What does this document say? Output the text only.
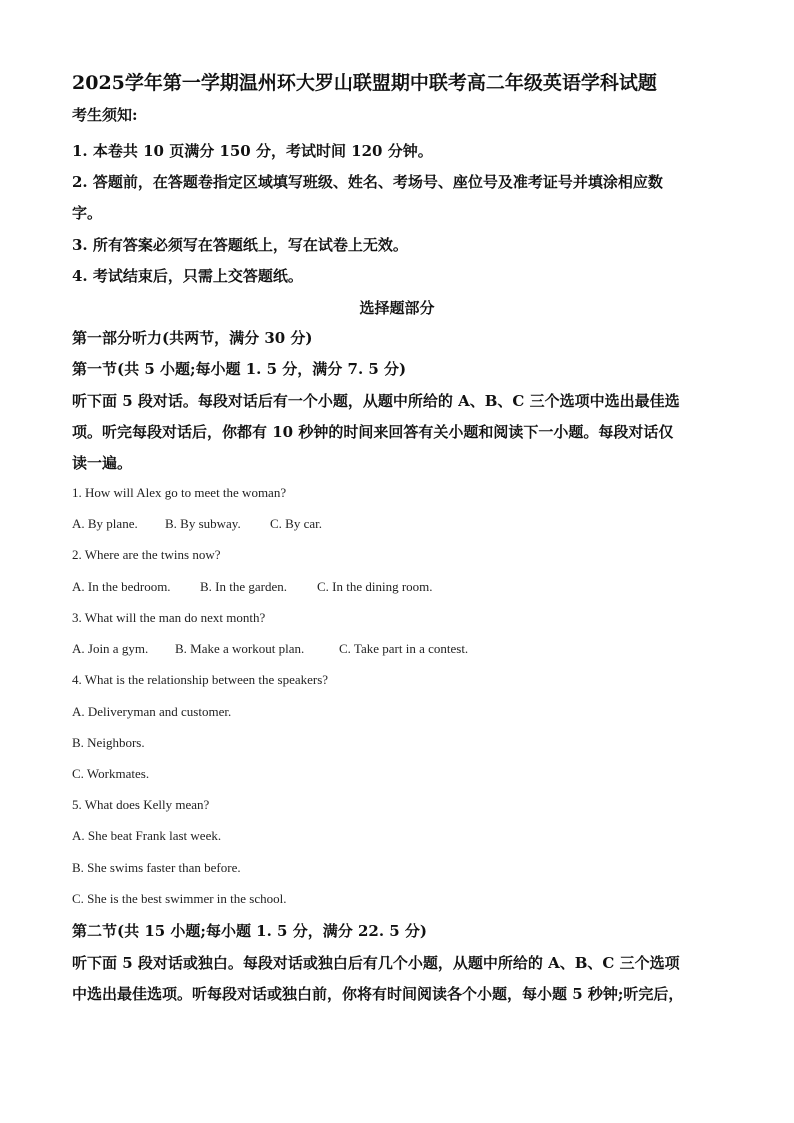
2025学年第一学期温州环大罗山联盟期中联考高二年级英语学科试题
考生须知:
1. 本卷共 10 页满分 150 分，考试时间 120 分钟。
2. 答题前，在答题卷指定区域填写班级、姓名、考场号、座位号及准考证号并填涂相应数
字。
3. 所有答案必须写在答题纸上，写在试卷上无效。
4. 考试结束后，只需上交答题纸。
选择题部分
第一部分听力(共两节，满分 30 分)
第一节(共 5 小题;每小题 1. 5 分，满分 7. 5 分)
听下面 5 段对话。每段对话后有一个小题，从题中所给的 A、B、C 三个选项中选出最佳选
项。听完每段对话后，你都有 10 秒钟的时间来回答有关小题和阅读下一小题。每段对话仅
读一遍。
1. How will Alex go to meet the woman?
A. By plane. B. By subway. C. By car.
2. Where are the twins now?
A. In the bedroom. B. In the garden. C. In the dining room.
3. What will the man do next month?
A. Join a gym. B. Make a workout plan.	C. Take part in a contest.
4. What is the relationship between the speakers?
A. Deliveryman and customer.
B. Neighbors.
C. Workmates.
5. What does Kelly mean?
A. She beat Frank last week.
B. She swims faster than before.
C. She is the best swimmer in the school.
第二节(共 15 小题;每小题 1. 5 分，满分 22. 5 分)
听下面 5 段对话或独白。每段对话或独白后有几个小题，从题中所给的 A、B、C 三个选项
中选出最佳选项。听每段对话或独白前，你将有时间阅读各个小题，每小题 5 秒钟;听完后，
